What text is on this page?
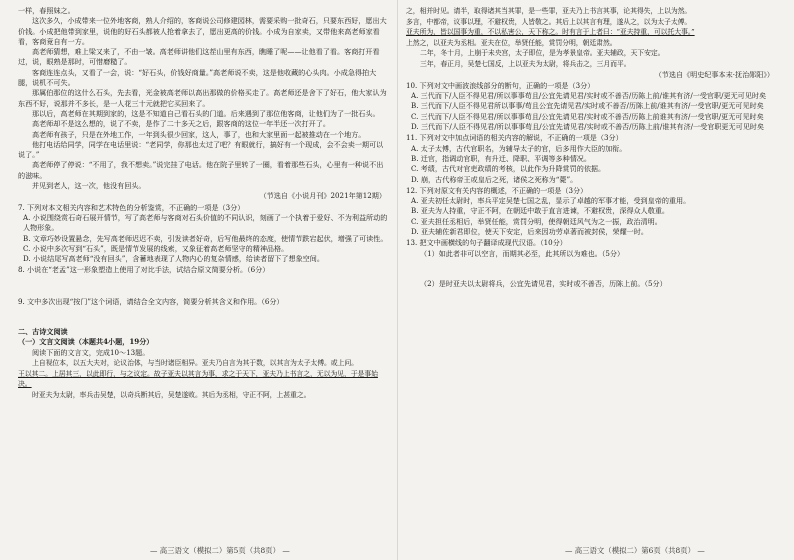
一样，春照妹之。

这次多久，小成带来一位外地客商，熟人介绍的，客商说公司修建园林，需要采购一批奇石，只要东西好，愿出大价钱。小成把他带到家里，说他的好石头都被人抢着拿去了，愿出更高的价钱。小成为自家卖，又带他来高老师家看看，客商竟自有一方。

高老师猜想，难上梁又来了，不由一皱。高老师讲他们这茬山里有东西，瞧睡了呢——让他看了看。客商打开看过，说，眼熟是那时，可惜磨糙了。

客商连连点头，又看了一会，说：“好石头，价钱好商量。”高老师说不卖，这是他收藏的心头肉。小成急得拍大腿，说机不可失。

那属伯那位的这什么石头，先去看，光金被高老师以高出那做的价格买走了。高老师还是舍下了好石，他大家认为东西不好，说那并不多长，是一人花三十元就把它买回来了。

那以后，高老师在其期到家的，这是不知道自己看石头的门道。后来遇到了那位他客商，让他们为了一批石头。

高老师却不是这么想的，说了不卖，是作了二十多天之后，跟客商的这位一年半还一次打开了。

高老师有孩子，只是在外地工作，一年到头很少回家，这人，事了，也和大家里面一起被推动在一个地方。

他打电话给同学，同学在电话里说：“老同学，你那也太过了吧？有眼就行，搞好有一个现成，会不会卖一期可以说了。”

高老师停了停说：“不用了，我不想卖。”说完挂了电话。他在院子里转了一圈，看着那些石头，心里有一种说不出的滋味。

并见到老人，这一次，他没有回头。

（节选自《小说月刊》2021年第12期）

7. 下列对本文相关内容和艺术特色的分析鉴赏，不正确的一项是（3分）

A. 小说围绕赏石奇石展开情节，写了高老师与客商对石头价值的不同认识，刻画了一个执着于爱好、不为利益所动的人物形象。

B. 文章巧妙设置悬念，先写高老师迟迟不卖，引发读者好奇，后写他最终的态度，使情节跌宕起伏，增强了可读性。

C. 小说中多次写到“石头”，既是情节发展的线索，又象征着高老师坚守的精神品格。

D. 小说结尾写高老师“没有回头”，含蓄地表现了人物内心的复杂情感，给读者留下了想象空间。

8. 小说在“老孟”这一形象塑造上使用了对比手法，试结合原文简要分析。（6分）

9. 文中多次出现“按门”这个词语，请结合全文内容，简要分析其含义和作用。（6分）

二、古诗文阅读

（一）文言文阅读（本题共4小题，19分）

阅读下面的文言文，完成10～13题。

上自视位本，以五大夫对，论议治体，与当时诸臣相异。亚夫乃自言为其于数，以其言为太子太傅。或上问。

王以其二。上居其三，以此即行，与之议定。故子亚夫以其言为事，求之于天下，亚夫乃上书言之，无以为见，于是事始决。

时亚夫为太尉，率兵击吴楚，以奇兵断其后，吴楚遂败。其后为丞相，守正不阿，上甚重之。

之，相并时见。请半，取得诸其当其罪，是一些罪，亚夫乃上书言其事，论其得失，上以为然。

多言，中都帝，议事以理，不避权贵，人皆敬之。其后上以其言有理，遂从之，以为太子太傅。

亚夫所为，皆以国事为重，不以私害公，天下称之。时有言于上者曰：“亚夫持重，可以托大事。”

上然之，以亚夫为丞相。亚夫在位，举贤任能，赏罚分明，朝廷肃然。

二年，冬十月，上崩于未央宫，太子即位，是为孝景皇帝。亚夫辅政，天下安定。

三年，春正月，吴楚七国反，上以亚夫为太尉，将兵击之，三月而平。

（节选自《明史纪事本末·抚治郧阳》）

10. 下列对文中画波浪线部分的断句，正确的一项是（3分）

A. 三代而下/人臣不得见君/所以事事苟且/公宜先请见君/实时或不善否/历陈上前/谁其有济/一受官职/更无可见时矣

B. 三代而下/人臣不得见君所以事事/苟且公宜先请见君/实时或不善否/历陈上前/谁其有济/一受官职/更无可见时矣

C. 三代而下/人臣不得见君/所以事事苟且/公宜先请见君/实时或不善否/历陈上前谁其有济/一受官职/更无可见时矣

D. 三代而下/人臣不得见君/所以事事苟且/公宜先请见君/实时或不善否/历陈上前/谁其有济/一受官职更无可见时矣

11. 下列对文中加点词语的相关内容的解说，不正确的一项是（3分）

A. 太子太傅，古代官职名，为辅导太子的官，后多用作大臣的加衔。

B. 迁官，指调动官职，有升迁、降职、平调等多种情况。

C. 考绩，古代对官吏政绩的考核，以此作为升降赏罚的依据。

D. 崩，古代称帝王或皇后之死，诸侯之死称为“薨”。

12. 下列对原文有关内容的概述，不正确的一项是（3分）

A. 亚夫初任太尉时，率兵平定吴楚七国之乱，显示了卓越的军事才能，受到皇帝的重用。

B. 亚夫为人持重，守正不阿，在朝廷中敢于直言进谏，不避权贵，深得众人敬重。

C. 亚夫担任丞相后，举贤任能，赏罚分明，使得朝廷风气为之一振，政治清明。

D. 亚夫辅佐新君即位，使天下安定，后来因功劳卓著而被封侯，荣耀一时。

13. 把文中画横线的句子翻译成现代汉语。（10分）

（1）如此者非可以空言，而期其必至，此其所以为难也。（5分）

（2）是时亚夫以太尉将兵，公宜先请见君，实时或不善否，历陈上前。（5分）

— 高三语文（模拟二）第5页（共8页） —	— 高三语文（模拟二）第6页（共8页） —
